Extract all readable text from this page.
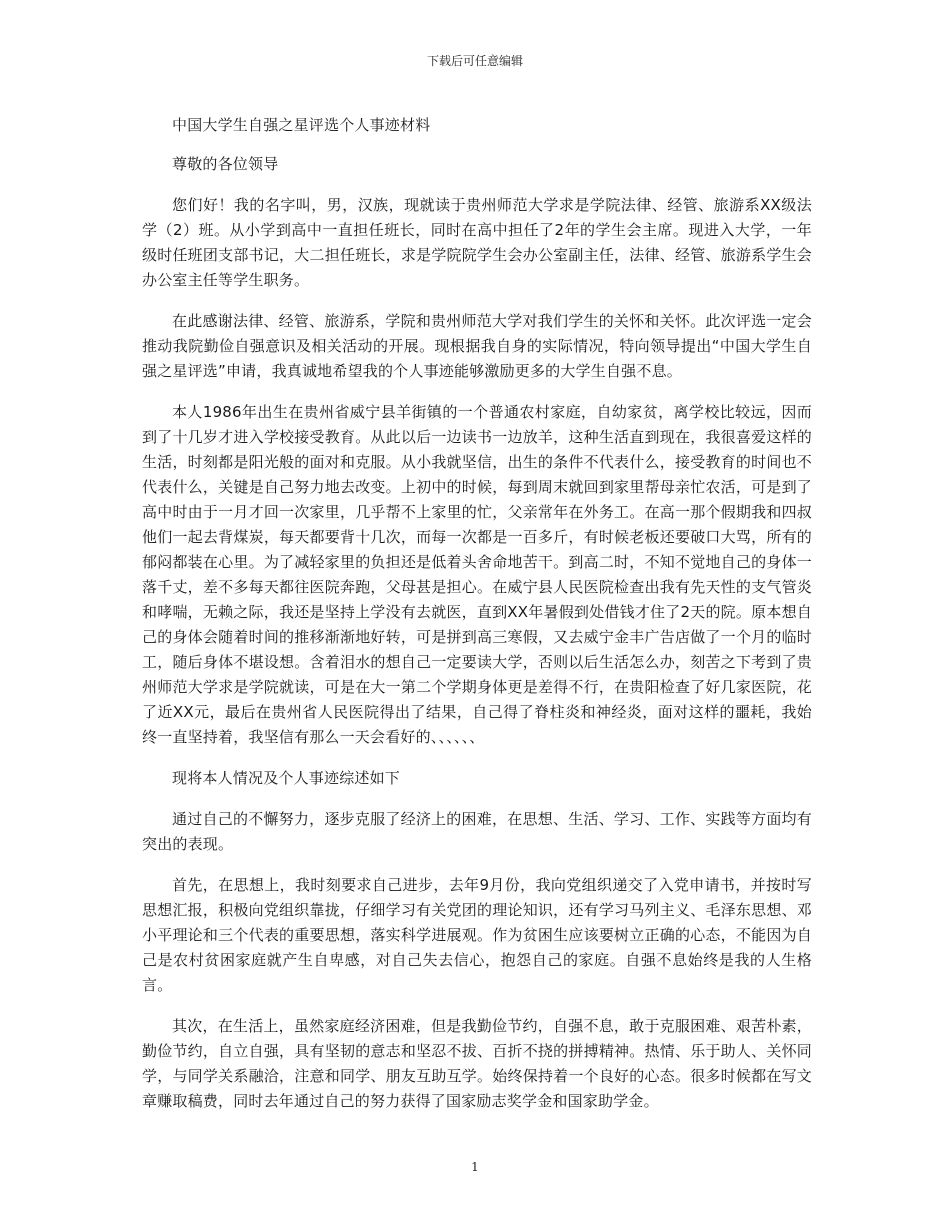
下载后可任意编辑

中国大学生自强之星评选个人事迹材料

尊敬的各位领导

您们好！我的名字叫，男，汉族，现就读于贵州师范大学求是学院法律、经管、旅游系XX级法学（2）班。从小学到高中一直担任班长，同时在高中担任了2年的学生会主席。现进入大学，一年级时任班团支部书记，大二担任班长，求是学院院学生会办公室副主任，法律、经管、旅游系学生会办公室主任等学生职务。

在此感谢法律、经管、旅游系，学院和贵州师范大学对我们学生的关怀和关怀。此次评选一定会推动我院勤俭自强意识及相关活动的开展。现根据我自身的实际情况，特向领导提出“中国大学生自强之星评选”申请，我真诚地希望我的个人事迹能够激励更多的大学生自强不息。

本人1986年出生在贵州省威宁县羊街镇的一个普通农村家庭，自幼家贫，离学校比较远，因而到了十几岁才进入学校接受教育。从此以后一边读书一边放羊，这种生活直到现在，我很喜爱这样的生活，时刻都是阳光般的面对和克服。从小我就坚信，出生的条件不代表什么，接受教育的时间也不代表什么，关键是自己努力地去改变。上初中的时候，每到周末就回到家里帮母亲忙农活，可是到了高中时由于一月才回一次家里，几乎帮不上家里的忙，父亲常年在外务工。在高一那个假期我和四叔他们一起去背煤炭，每天都要背十几次，而每一次都是一百多斤，有时候老板还要破口大骂，所有的郁闷都装在心里。为了减轻家里的负担还是低着头舍命地苦干。到高二时，不知不觉地自己的身体一落千丈，差不多每天都往医院奔跑，父母甚是担心。在威宁县人民医院检查出我有先天性的支气管炎和哮喘，无赖之际，我还是坚持上学没有去就医，直到XX年暑假到处借钱才住了2天的院。原本想自己的身体会随着时间的推移渐渐地好转，可是拼到高三寒假，又去威宁金丰广告店做了一个月的临时工，随后身体不堪设想。含着泪水的想自己一定要读大学，否则以后生活怎么办，刻苦之下考到了贵州师范大学求是学院就读，可是在大一第二个学期身体更是差得不行，在贵阳检查了好几家医院，花了近XX元，最后在贵州省人民医院得出了结果，自己得了脊柱炎和神经炎，面对这样的噩耗，我始终一直坚持着，我坚信有那么一天会看好的、、、、、、

现将本人情况及个人事迹综述如下

通过自己的不懈努力，逐步克服了经济上的困难，在思想、生活、学习、工作、实践等方面均有突出的表现。

首先，在思想上，我时刻要求自己进步，去年9月份，我向党组织递交了入党申请书，并按时写思想汇报，积极向党组织靠拢，仔细学习有关党团的理论知识，还有学习马列主义、毛泽东思想、邓小平理论和三个代表的重要思想，落实科学进展观。作为贫困生应该要树立正确的心态，不能因为自己是农村贫困家庭就产生自卑感，对自己失去信心，抱怨自己的家庭。自强不息始终是我的人生格言。

其次，在生活上，虽然家庭经济困难，但是我勤俭节约，自强不息，敢于克服困难、艰苦朴素，勤俭节约，自立自强，具有坚韧的意志和坚忍不拔、百折不挠的拼搏精神。热情、乐于助人、关怀同学，与同学关系融洽，注意和同学、朋友互助互学。始终保持着一个良好的心态。很多时候都在写文章赚取稿费，同时去年通过自己的努力获得了国家励志奖学金和国家助学金。

1
